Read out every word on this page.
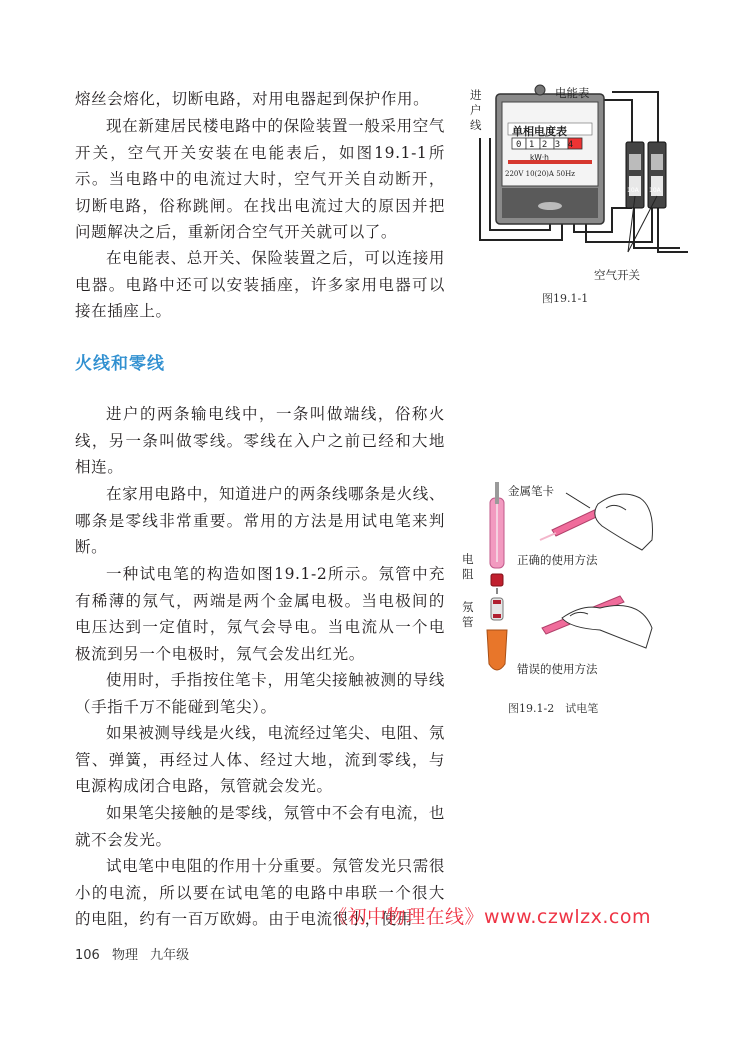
熔丝会熔化，切断电路，对用电器起到保护作用。

现在新建居民楼电路中的保险装置一般采用空气开关，空气开关安装在电能表后，如图19.1-1所示。当电路中的电流过大时，空气开关自动断开，切断电路，俗称跳闸。在找出电流过大的原因并把问题解决之后，重新闭合空气开关就可以了。

在电能表、总开关、保险装置之后，可以连接用电器。电路中还可以安装插座，许多家用电器可以接在插座上。

火线和零线

进户的两条输电线中，一条叫做端线，俗称火线，另一条叫做零线。零线在入户之前已经和大地相连。

在家用电路中，知道进户的两条线哪条是火线、哪条是零线非常重要。常用的方法是用试电笔来判断。

一种试电笔的构造如图19.1-2所示。氖管中充有稀薄的氖气，两端是两个金属电极。当电极间的电压达到一定值时，氖气会导电。当电流从一个电极流到另一个电极时，氖气会发出红光。

使用时，手指按住笔卡，用笔尖接触被测的导线（手指千万不能碰到笔尖）。

如果被测导线是火线，电流经过笔尖、电阻、氖管、弹簧，再经过人体、经过大地，流到零线，与电源构成闭合电路，氖管就会发光。

如果笔尖接触的是零线，氖管中不会有电流，也就不会发光。

试电笔中电阻的作用十分重要。氖管发光只需很小的电流，所以要在试电笔的电路中串联一个很大的电阻，约有一百万欧姆。由于电流很小，使用

进户线
电能表
单相电度表
01234
kW·h
220V 10(20)A 50Hz
10A 10A
空气开关
图19.1-1
金属笔卡
电阻
氖管
正确的使用方法
错误的使用方法
图19.1-2　试电笔
《初中物理在线》www.czwlzx.com
106 物理 九年级
